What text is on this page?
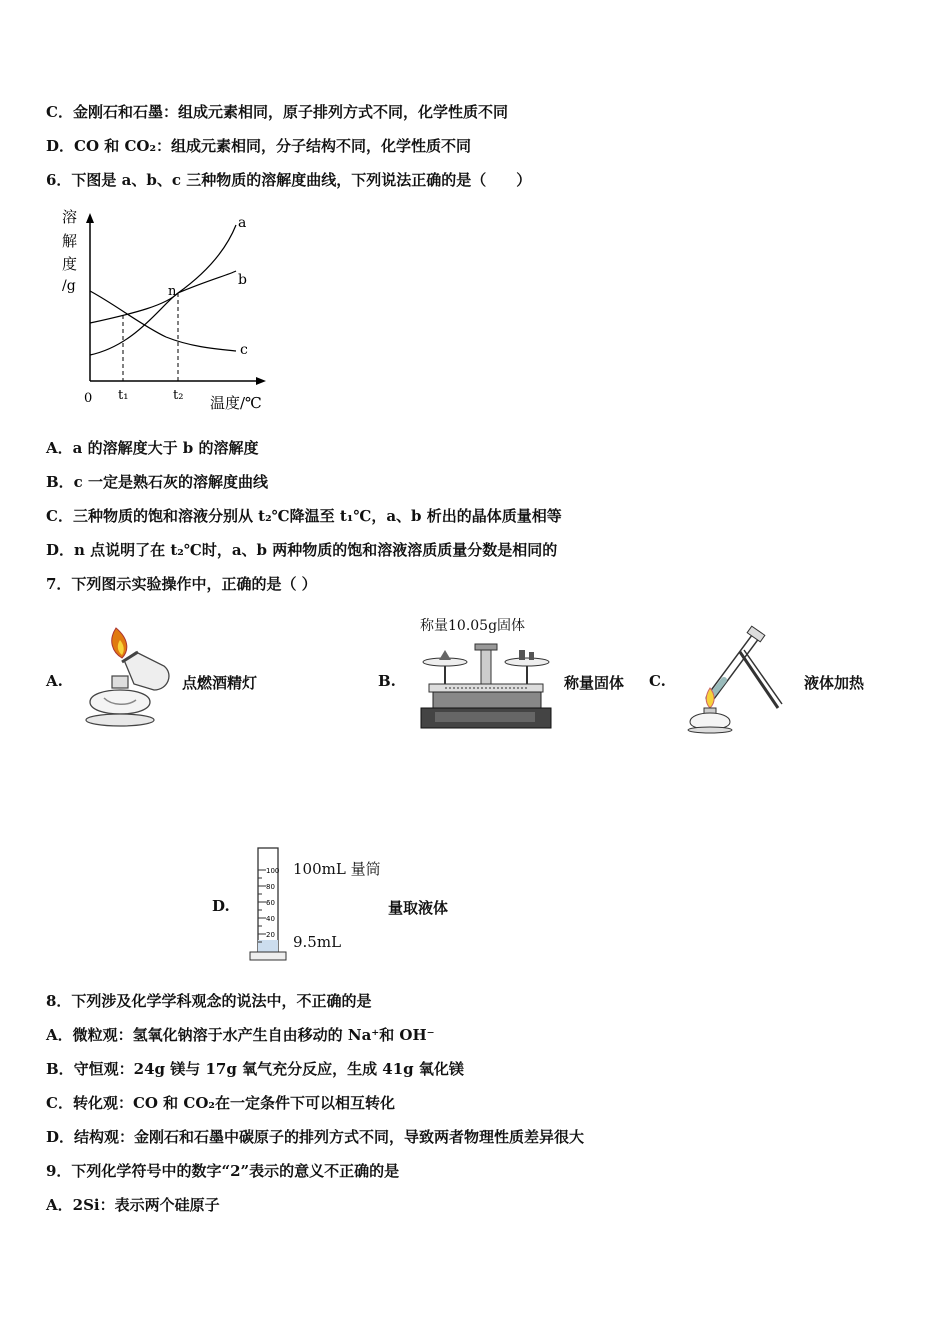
C．金刚石和石墨：组成元素相同，原子排列方式不同，化学性质不同
D．CO 和 CO₂：组成元素相同，分子结构不同，化学性质不同
6．下图是 a、b、c 三种物质的溶解度曲线，下列说法正确的是（　　）
溶
解
度
/g
a
b
c
n
0 t₁	t₂ 温度/℃
A．a 的溶解度大于 b 的溶解度
B．c 一定是熟石灰的溶解度曲线
C．三种物质的饱和溶液分别从 t₂℃降温至 t₁℃，a、b 析出的晶体质量相等
D．n 点说明了在 t₂℃时，a、b 两种物质的饱和溶液溶质质量分数是相同的
7．下列图示实验操作中，正确的是（ ）
A.	点燃酒精灯	B.
称量10.05g固体
称量固体 C.	液体加热
D.
100
80
60
40
20
100mL 量筒
9.5mL
量取液体
8．下列涉及化学学科观念的说法中，不正确的是
A．微粒观：氢氧化钠溶于水产生自由移动的 Na⁺和 OH⁻
B．守恒观：24g 镁与 17g 氧气充分反应，生成 41g 氧化镁
C．转化观：CO 和 CO₂在一定条件下可以相互转化
D．结构观：金刚石和石墨中碳原子的排列方式不同，导致两者物理性质差异很大
9．下列化学符号中的数字“2”表示的意义不正确的是
A．2Si：表示两个硅原子
